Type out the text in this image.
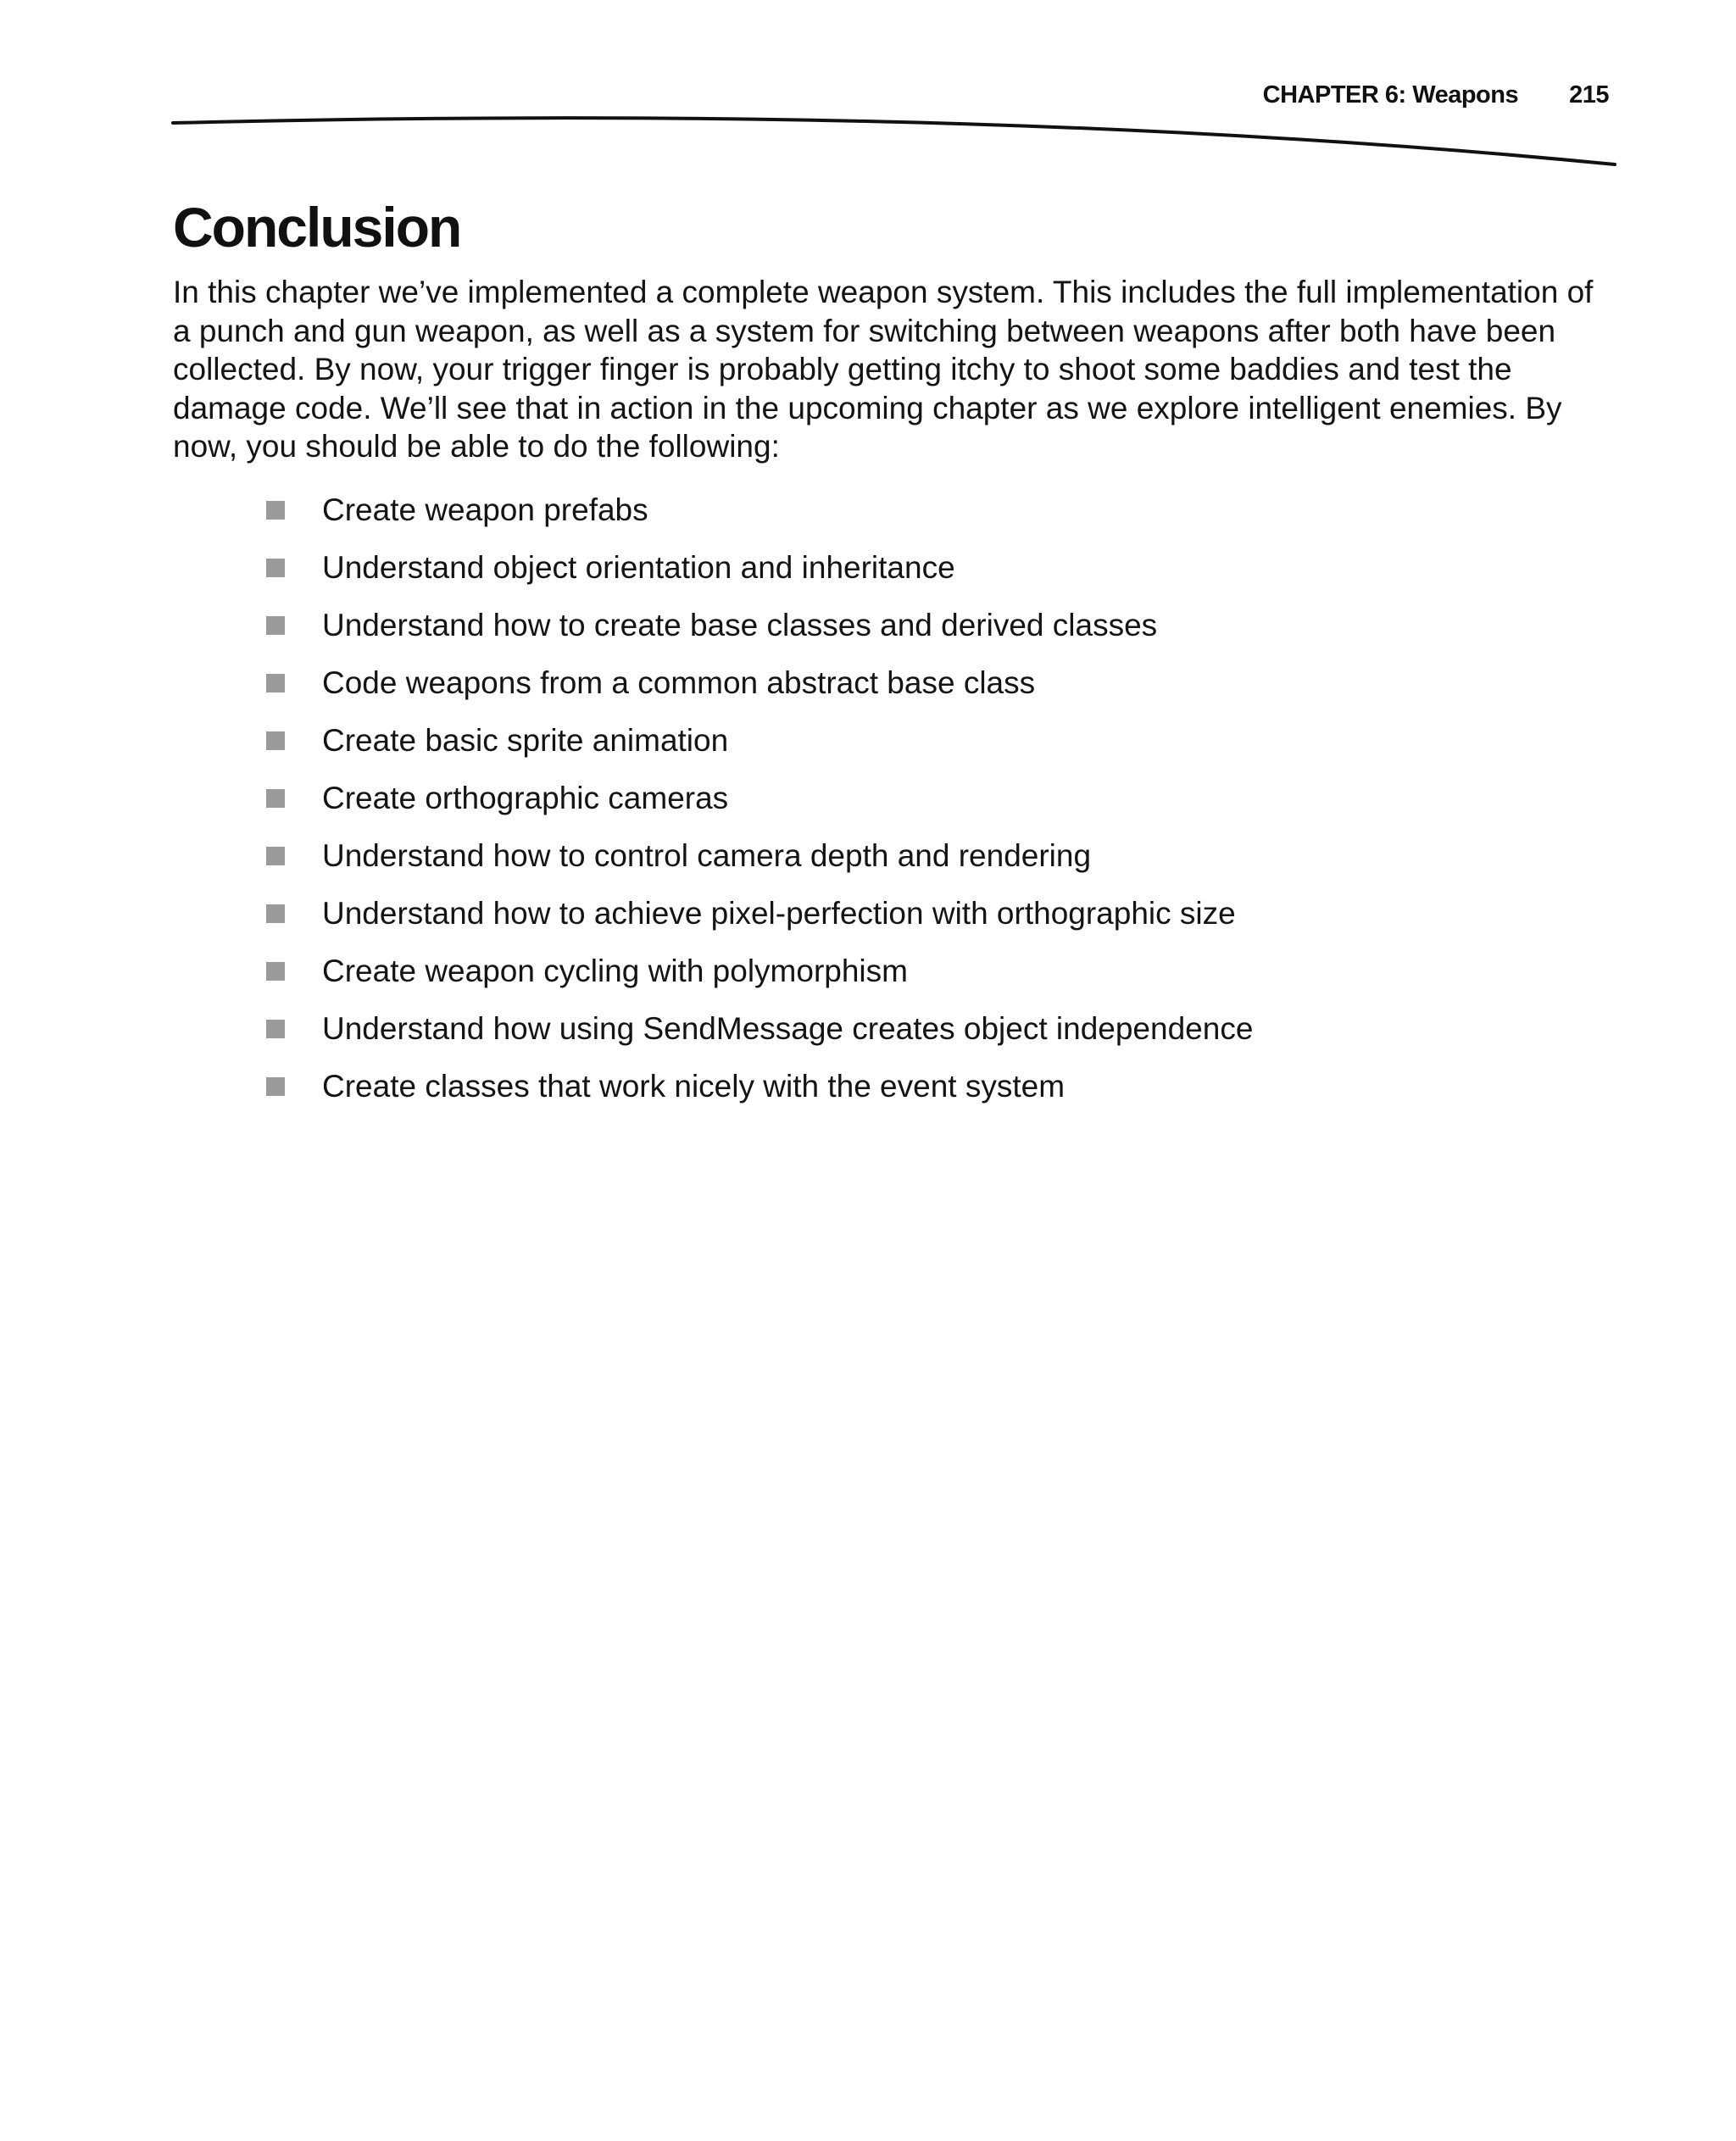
CHAPTER 6: Weapons 215
Conclusion

In this chapter we’ve implemented a complete weapon system. This includes the full implementation of a punch and gun weapon, as well as a system for switching between weapons after both have been collected. By now, your trigger finger is probably getting itchy to shoot some baddies and test the damage code. We’ll see that in action in the upcoming chapter as we explore intelligent enemies. By now, you should be able to do the following:

Create weapon prefabs
Understand object orientation and inheritance
Understand how to create base classes and derived classes
Code weapons from a common abstract base class
Create basic sprite animation
Create orthographic cameras
Understand how to control camera depth and rendering
Understand how to achieve pixel-perfection with orthographic size
Create weapon cycling with polymorphism
Understand how using SendMessage creates object independence
Create classes that work nicely with the event system
